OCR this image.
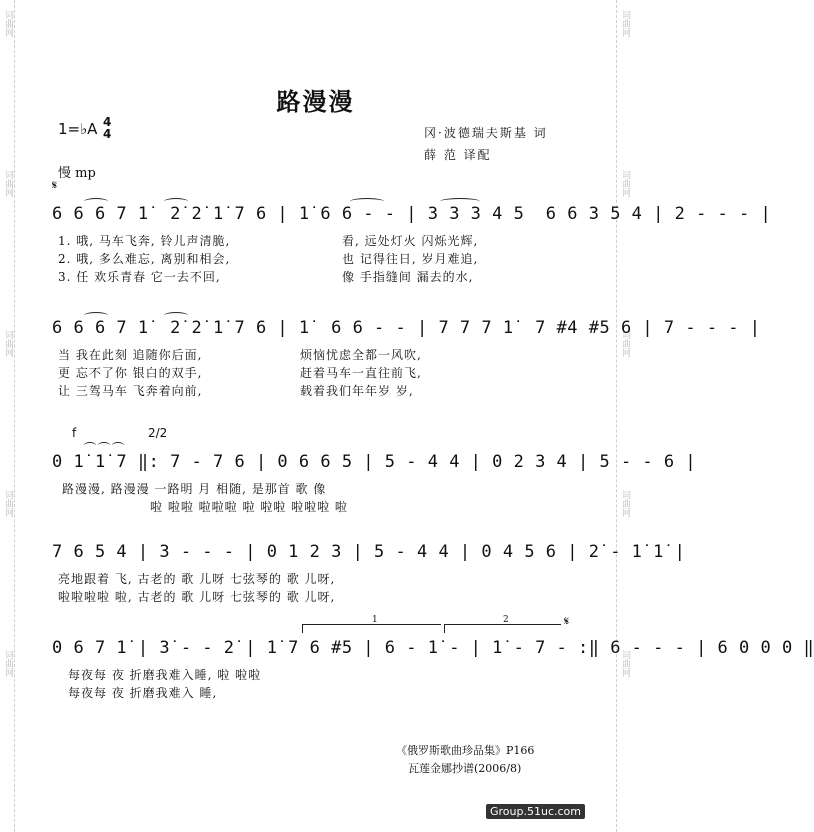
词曲网
词曲网
词曲网
词曲网
词曲网
词曲网
词曲网
词曲网
词曲网
词曲网
路漫漫
1=♭A 4
4	冈·波德瑞夫斯基 词
薛 范 译配
慢 mp
𝄋
6 6 6 7 1̇  2̇ 2̇ 1̇ 7 6 | 1̇ 6 6 - - | 3 3 3 4 5  6 6 3 5 4 | 2 - - - |
1. 哦, 马车飞奔, 铃儿声清脆,	看, 远处灯火 闪烁光辉,
2. 哦, 多么难忘, 离别和相会,	也 记得往日, 岁月难追,
3. 任 欢乐青春 它一去不回,	像 手指缝间 漏去的水,
6 6 6 7 1̇  2̇ 2̇ 1̇ 7 6 | 1̇  6 6 - - | 7 7 7 1̇  7 #4 #5 6 | 7 - - - |
当 我在此刻 追随你后面,	烦恼忧虑全都一风吹,
更 忘不了你 银白的双手,	赶着马车一直往前飞,
让 三驾马车 飞奔着向前,	载着我们年年岁 岁,
f	2/2
0 1̇ 1̇ 7 ‖: 7 - 7 6 | 0 6 6 5 | 5 - 4 4 | 0 2 3 4 | 5 - - 6 |
路漫漫, 路漫漫 一路明 月 相随, 是那首 歌 像
啦 啦啦 啦啦啦 啦 啦啦 啦啦啦 啦
7 6 5 4 | 3 - - - | 0 1 2 3 | 5 - 4 4 | 0 4 5 6 | 2̇ - 1̇ 1̇ |
亮地跟着 飞, 古老的 歌 儿呀 七弦琴的 歌 儿呀,
啦啦啦啦 啦, 古老的 歌 儿呀 七弦琴的 歌 儿呀,
1	2	𝄋
0 6 7 1̇ | 3̇ - - 2̇ | 1̇ 7 6 #5 | 6 - 1̇ - | 1̇ - 7 - :‖ 6 - - - | 6 0 0 0 ‖
每夜每 夜 折磨我难入睡, 啦 啦啦
每夜每 夜 折磨我难入 睡,
《俄罗斯歌曲珍品集》P166
瓦莲金娜抄谱(2006/8)
Group.51uc.com
